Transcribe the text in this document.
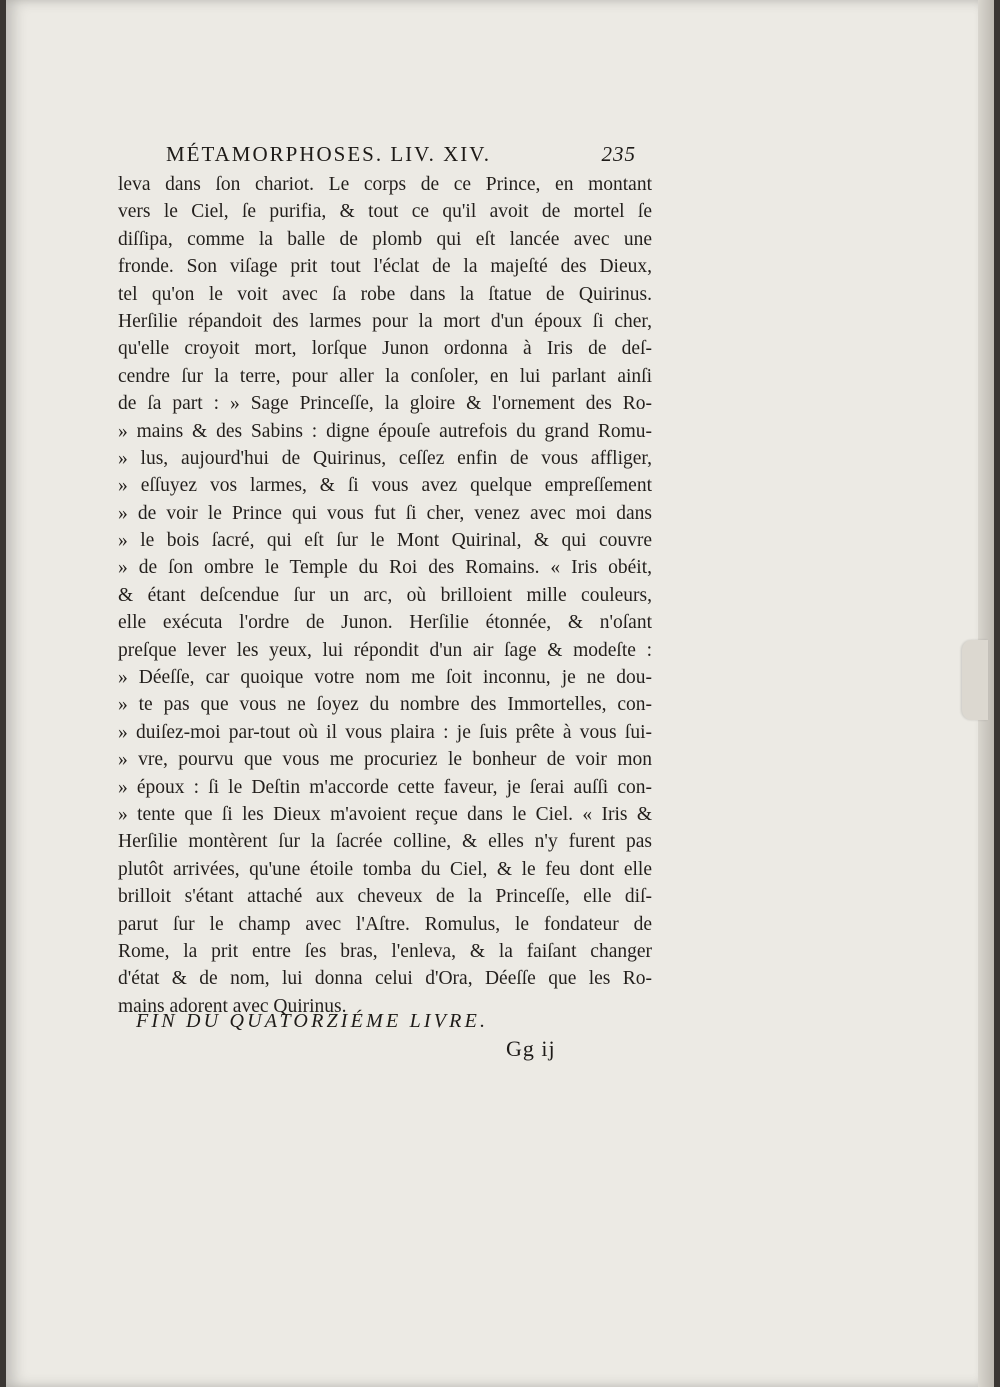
MÉTAMORPHOSES. LIV. XIV.	235
leva dans ſon chariot. Le corps de ce Prince, en montant
vers le Ciel, ſe purifia, & tout ce qu'il avoit de mortel ſe
diſſipa, comme la balle de plomb qui eſt lancée avec une
fronde. Son viſage prit tout l'éclat de la majeſté des Dieux,
tel qu'on le voit avec ſa robe dans la ſtatue de Quirinus.
Herſilie répandoit des larmes pour la mort d'un époux ſi cher,
qu'elle croyoit mort, lorſque Junon ordonna à Iris de deſ-
cendre ſur la terre, pour aller la conſoler, en lui parlant ainſi
de ſa part : » Sage Princeſſe, la gloire & l'ornement des Ro-
» mains & des Sabins : digne épouſe autrefois du grand Romu-
» lus, aujourd'hui de Quirinus, ceſſez enfin de vous affliger,
» eſſuyez vos larmes, & ſi vous avez quelque empreſſement
» de voir le Prince qui vous fut ſi cher, venez avec moi dans
» le bois ſacré, qui eſt ſur le Mont Quirinal, & qui couvre
» de ſon ombre le Temple du Roi des Romains. « Iris obéit,
& étant deſcendue ſur un arc, où brilloient mille couleurs,
elle exécuta l'ordre de Junon. Herſilie étonnée, & n'oſant
preſque lever les yeux, lui répondit d'un air ſage & modeſte :
» Déeſſe, car quoique votre nom me ſoit inconnu, je ne dou-
» te pas que vous ne ſoyez du nombre des Immortelles, con-
» duiſez-moi par-tout où il vous plaira : je ſuis prête à vous ſui-
» vre, pourvu que vous me procuriez le bonheur de voir mon
» époux : ſi le Deſtin m'accorde cette faveur, je ſerai auſſi con-
» tente que ſi les Dieux m'avoient reçue dans le Ciel. « Iris &
Herſilie montèrent ſur la ſacrée colline, & elles n'y furent pas
plutôt arrivées, qu'une étoile tomba du Ciel, & le feu dont elle
brilloit s'étant attaché aux cheveux de la Princeſſe, elle diſ-
parut ſur le champ avec l'Aſtre. Romulus, le fondateur de
Rome, la prit entre ſes bras, l'enleva, & la faiſant changer
d'état & de nom, lui donna celui d'Ora, Déeſſe que les Ro-
mains adorent avec Quirinus.
FIN DU QUATORZIÉME LIVRE.
Gg ij
